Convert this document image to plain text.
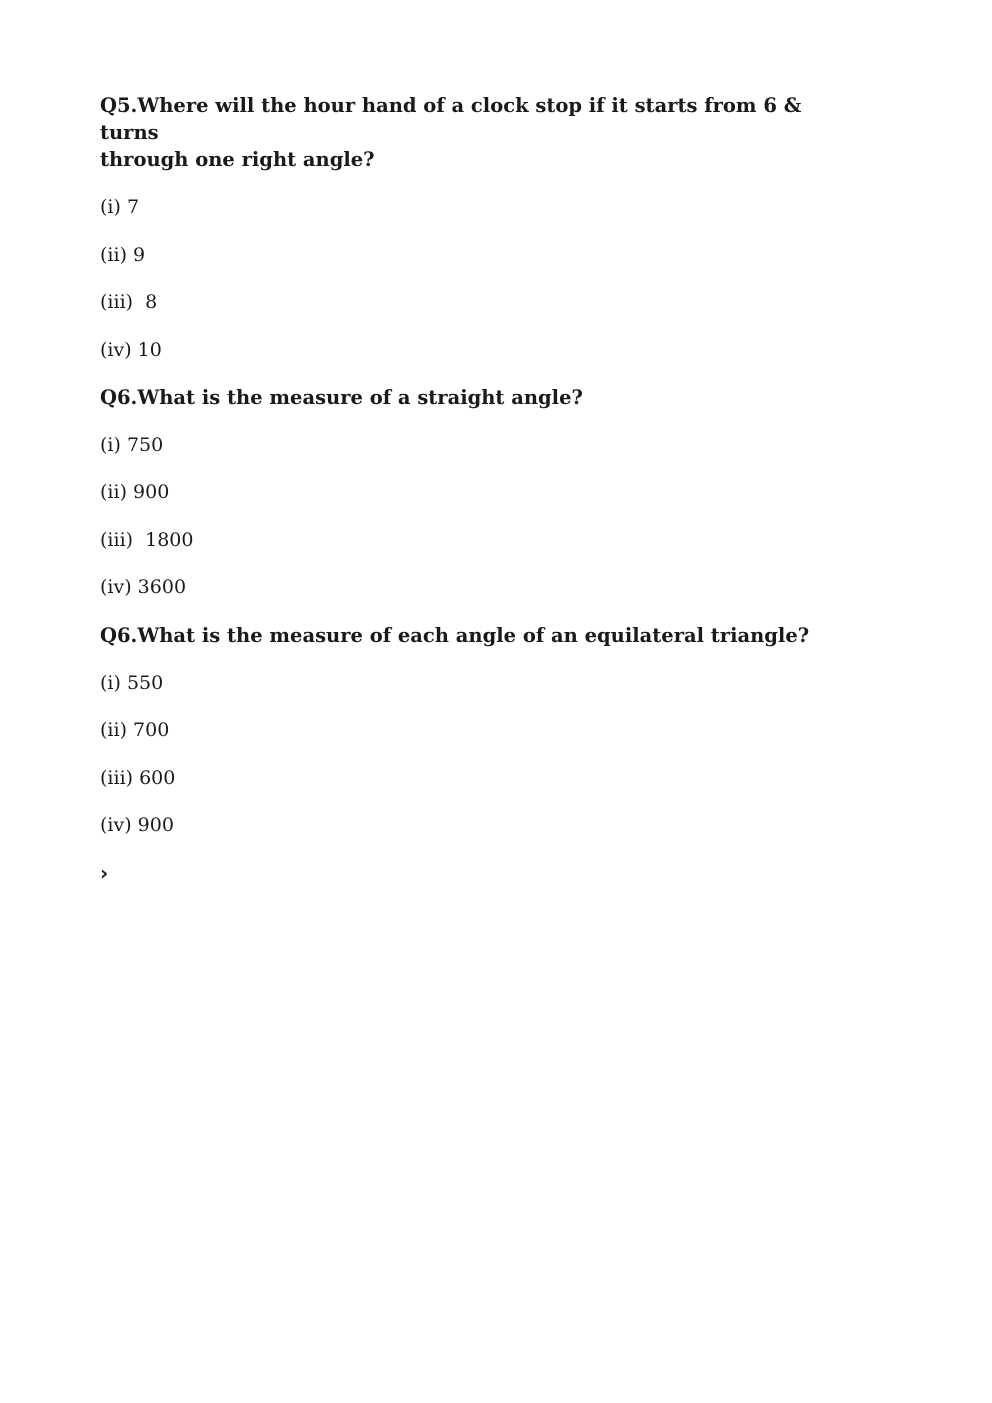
Q5.Where will the hour hand of a clock stop if it starts from 6 & turns
through one right angle?

(i) 7

(ii) 9

(iii)  8

(iv) 10

Q6.What is the measure of a straight angle?

(i) 750

(ii) 900

(iii)  1800

(iv) 3600

Q6.What is the measure of each angle of an equilateral triangle?

(i) 550

(ii) 700

(iii) 600

(iv) 900

›
